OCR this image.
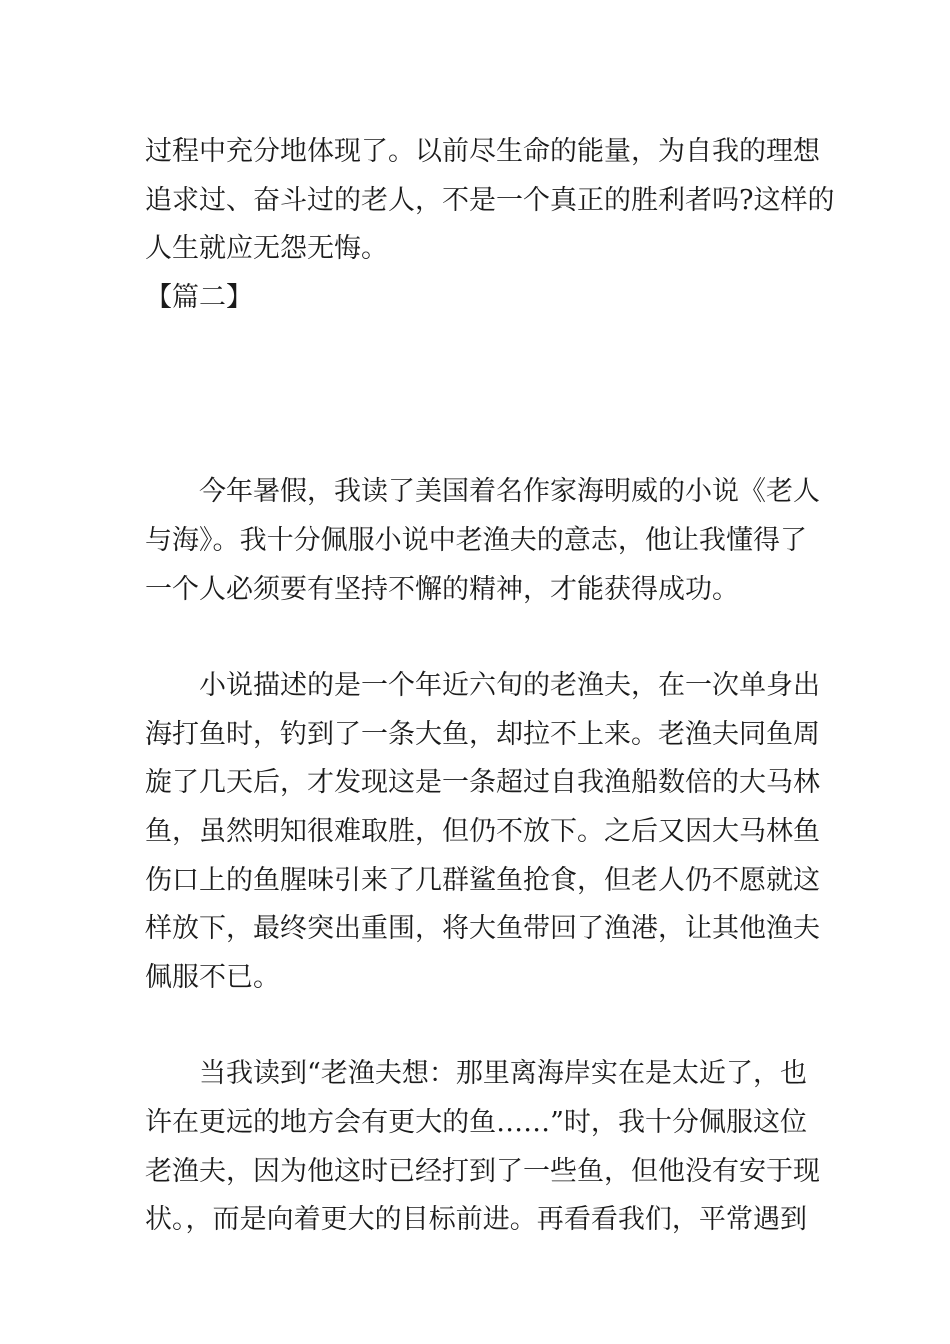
过程中充分地体现了。以前尽生命的能量，为自我的理想
追求过、奋斗过的老人，不是一个真正的胜利者吗?这样的
人生就应无怨无悔。

【篇二】

今年暑假，我读了美国着名作家海明威的小说《老人
与海》。我十分佩服小说中老渔夫的意志，他让我懂得了
一个人必须要有坚持不懈的精神，才能获得成功。

小说描述的是一个年近六旬的老渔夫，在一次单身出
海打鱼时，钓到了一条大鱼，却拉不上来。老渔夫同鱼周
旋了几天后，才发现这是一条超过自我渔船数倍的大马林
鱼，虽然明知很难取胜，但仍不放下。之后又因大马林鱼
伤口上的鱼腥味引来了几群鲨鱼抢食，但老人仍不愿就这
样放下，最终突出重围，将大鱼带回了渔港，让其他渔夫
佩服不已。

当我读到“老渔夫想：那里离海岸实在是太近了，也
许在更远的地方会有更大的鱼……”时，我十分佩服这位
老渔夫，因为他这时已经打到了一些鱼，但他没有安于现
状。，而是向着更大的目标前进。再看看我们，平常遇到
